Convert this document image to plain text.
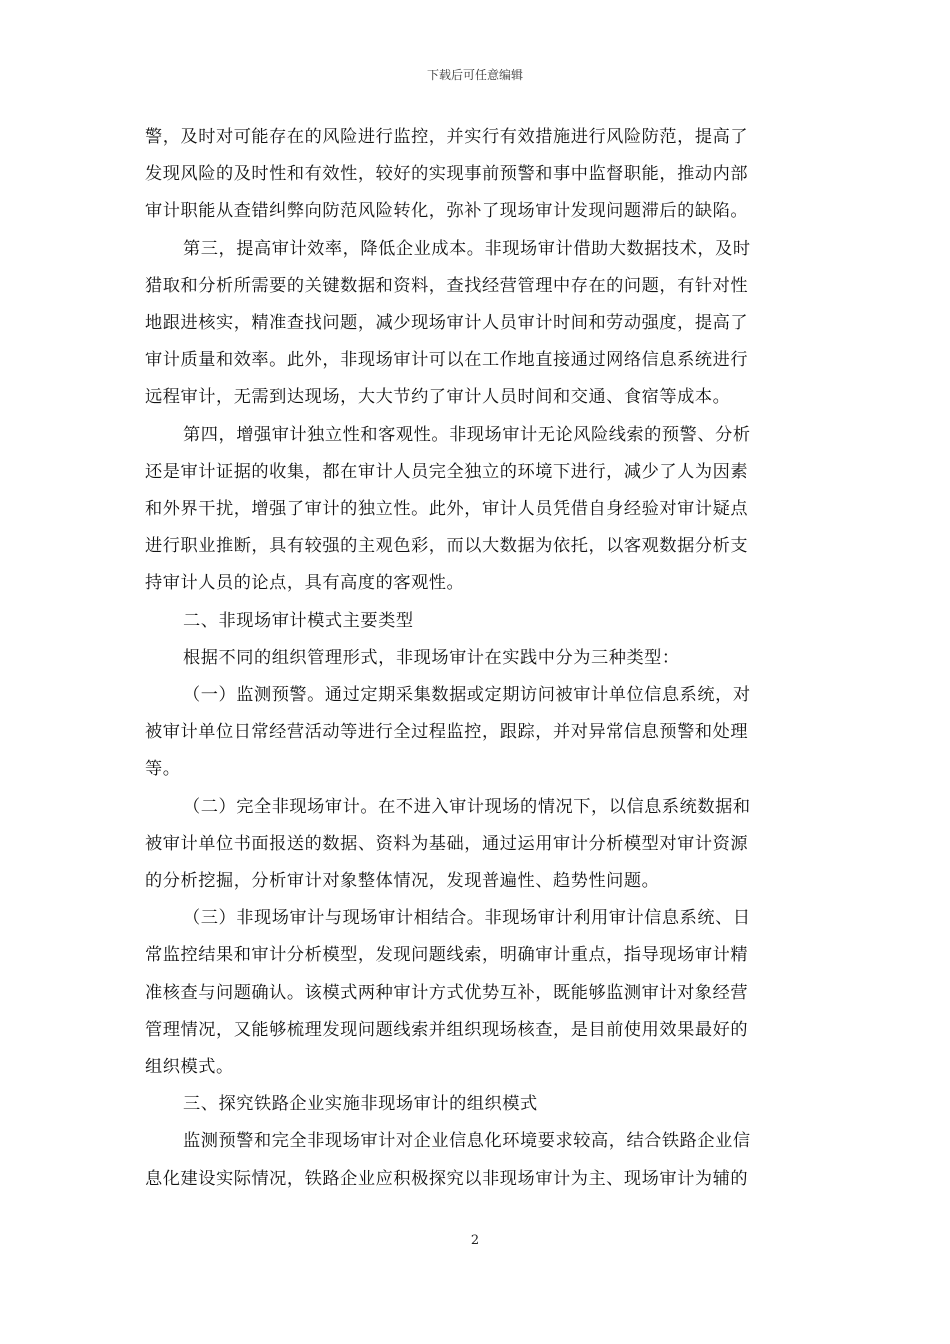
下载后可任意编辑

警，及时对可能存在的风险进行监控，并实行有效措施进行风险防范，提高了
发现风险的及时性和有效性，较好的实现事前预警和事中监督职能，推动内部
审计职能从查错纠弊向防范风险转化，弥补了现场审计发现问题滞后的缺陷。

第三，提高审计效率，降低企业成本。非现场审计借助大数据技术，及时
猎取和分析所需要的关键数据和资料，查找经营管理中存在的问题，有针对性
地跟进核实，精准查找问题，减少现场审计人员审计时间和劳动强度，提高了
审计质量和效率。此外，非现场审计可以在工作地直接通过网络信息系统进行
远程审计，无需到达现场，大大节约了审计人员时间和交通、食宿等成本。

第四，增强审计独立性和客观性。非现场审计无论风险线索的预警、分析
还是审计证据的收集，都在审计人员完全独立的环境下进行，减少了人为因素
和外界干扰，增强了审计的独立性。此外，审计人员凭借自身经验对审计疑点
进行职业推断，具有较强的主观色彩，而以大数据为依托，以客观数据分析支
持审计人员的论点，具有高度的客观性。

二、非现场审计模式主要类型

根据不同的组织管理形式，非现场审计在实践中分为三种类型：

（一）监测预警。通过定期采集数据或定期访问被审计单位信息系统，对
被审计单位日常经营活动等进行全过程监控，跟踪，并对异常信息预警和处理
等。

（二）完全非现场审计。在不进入审计现场的情况下，以信息系统数据和
被审计单位书面报送的数据、资料为基础，通过运用审计分析模型对审计资源
的分析挖掘，分析审计对象整体情况，发现普遍性、趋势性问题。

（三）非现场审计与现场审计相结合。非现场审计利用审计信息系统、日
常监控结果和审计分析模型，发现问题线索，明确审计重点，指导现场审计精
准核查与问题确认。该模式两种审计方式优势互补，既能够监测审计对象经营
管理情况，又能够梳理发现问题线索并组织现场核查，是目前使用效果最好的
组织模式。

三、探究铁路企业实施非现场审计的组织模式

监测预警和完全非现场审计对企业信息化环境要求较高，结合铁路企业信
息化建设实际情况，铁路企业应积极探究以非现场审计为主、现场审计为辅的

2
